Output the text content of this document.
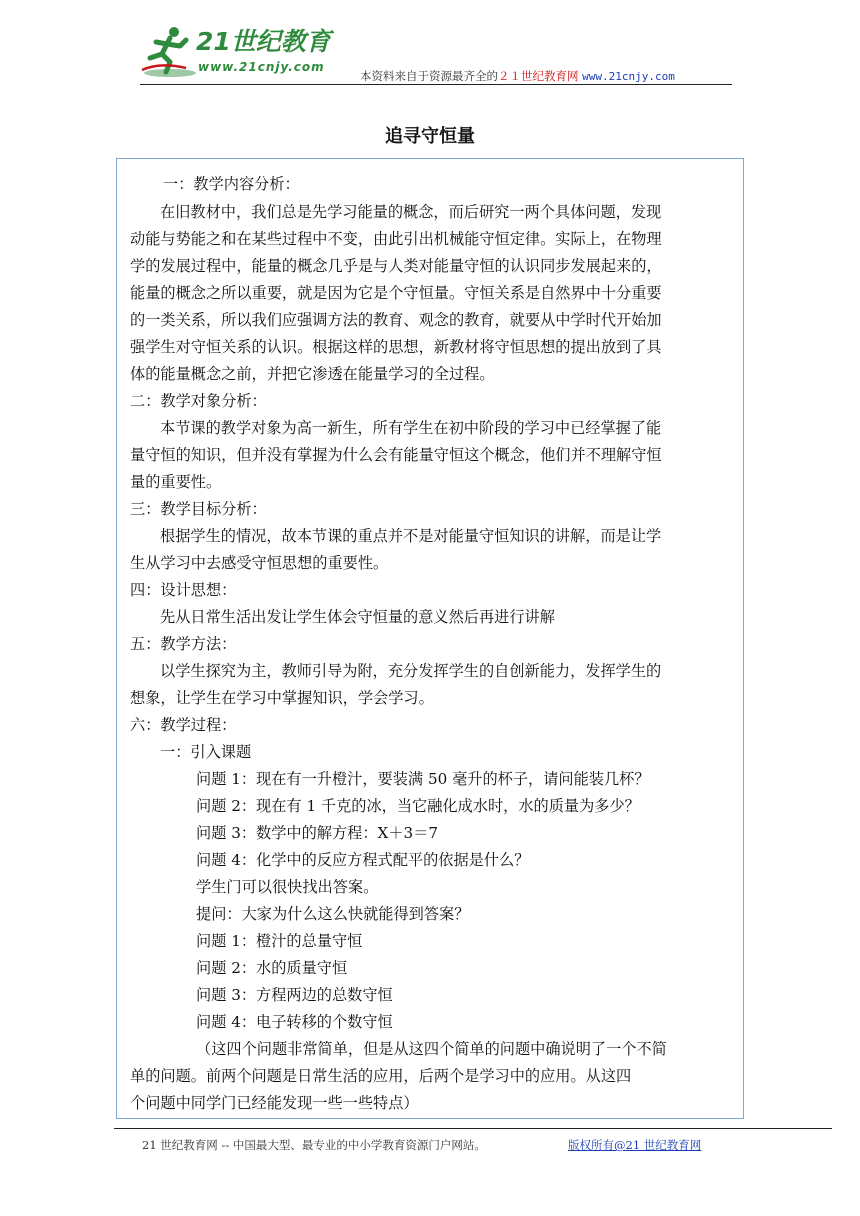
21世纪教育
www.21cnjy.com
本资料来自于资源最齐全的２１世纪教育网 www.21cnjy.com
追寻守恒量
一：教学内容分析：
在旧教材中，我们总是先学习能量的概念，而后研究一两个具体问题，发现
动能与势能之和在某些过程中不变，由此引出机械能守恒定律。实际上，在物理
学的发展过程中，能量的概念几乎是与人类对能量守恒的认识同步发展起来的，
能量的概念之所以重要，就是因为它是个守恒量。守恒关系是自然界中十分重要
的一类关系，所以我们应强调方法的教育、观念的教育，就要从中学时代开始加
强学生对守恒关系的认识。根据这样的思想，新教材将守恒思想的提出放到了具
体的能量概念之前，并把它渗透在能量学习的全过程。
二：教学对象分析：
本节课的教学对象为高一新生，所有学生在初中阶段的学习中已经掌握了能
量守恒的知识，但并没有掌握为什么会有能量守恒这个概念，他们并不理解守恒
量的重要性。
三：教学目标分析：
根据学生的情况，故本节课的重点并不是对能量守恒知识的讲解，而是让学
生从学习中去感受守恒思想的重要性。
四：设计思想：
先从日常生活出发让学生体会守恒量的意义然后再进行讲解
五：教学方法：
以学生探究为主，教师引导为附，充分发挥学生的自创新能力，发挥学生的
想象，让学生在学习中掌握知识，学会学习。
六：教学过程：
一：引入课题
问题 1：现在有一升橙汁，要装满 50 毫升的杯子，请问能装几杯？
问题 2：现在有 1 千克的冰，当它融化成水时，水的质量为多少？
问题 3：数学中的解方程：X＋3＝7
问题 4：化学中的反应方程式配平的依据是什么？
学生门可以很快找出答案。
提问：大家为什么这么快就能得到答案？
问题 1：橙汁的总量守恒
问题 2：水的质量守恒
问题 3：方程两边的总数守恒
问题 4：电子转移的个数守恒
（这四个问题非常简单，但是从这四个简单的问题中确说明了一个不简
单的问题。前两个问题是日常生活的应用，后两个是学习中的应用。从这四
个问题中同学门已经能发现一些一些特点）
21 世纪教育网 -- 中国最大型、最专业的中小学教育资源门户网站。	版权所有@21 世纪教育网
